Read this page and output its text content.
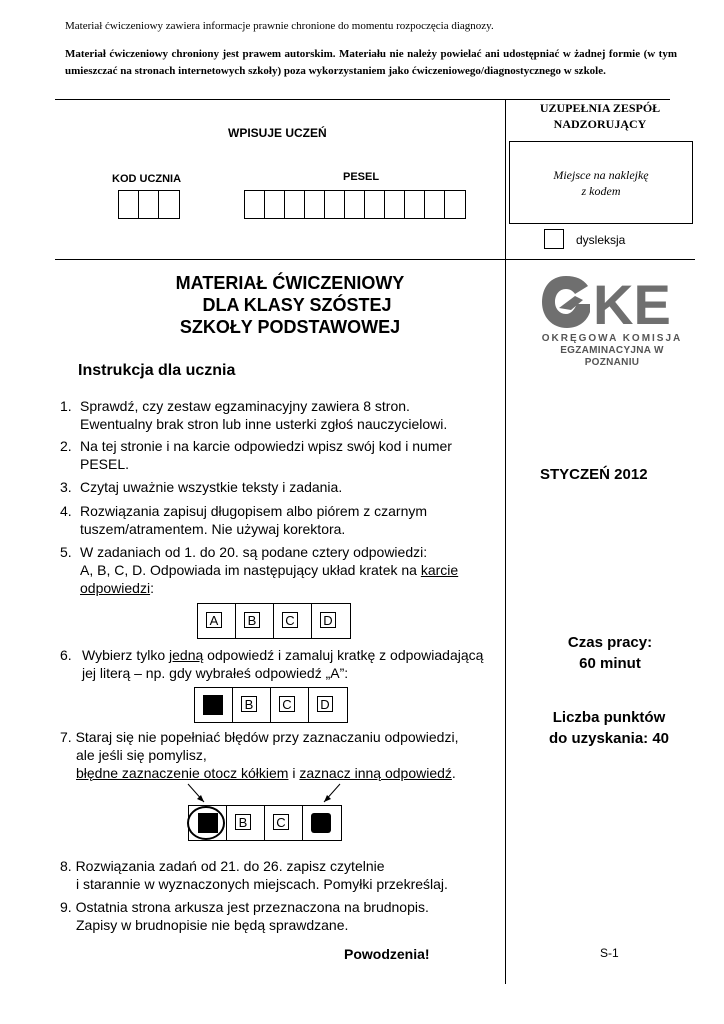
Materiał ćwiczeniowy zawiera informacje prawnie chronione do momentu rozpoczęcia diagnozy.
Materiał ćwiczeniowy chroniony jest prawem autorskim. Materiału nie należy powielać ani udostępniać w żadnej formie (w tym umieszczać na stronach internetowych szkoły) poza wykorzystaniem jako ćwiczeniowego/diagnostycznego w szkole.
WPISUJE UCZEŃ
KOD UCZNIA	PESEL
UZUPEŁNIA ZESPÓŁ
NADZORUJĄCY
Miejsce na naklejkę
z kodem
dysleksja
MATERIAŁ ĆWICZENIOWY
DLA KLASY SZÓSTEJ
SZKOŁY PODSTAWOWEJ	KE
OKRĘGOWA KOMISJA
EGZAMINACYJNA W POZNANIU
Instrukcja dla ucznia
1. Sprawdź, czy zestaw egzaminacyjny zawiera 8 stron.
Ewentualny brak stron lub inne usterki zgłoś nauczycielowi.
2. Na tej stronie i na karcie odpowiedzi wpisz swój kod i numer
PESEL.
3. Czytaj uważnie wszystkie teksty i zadania.
4. Rozwiązania zapisuj długopisem albo piórem z czarnym
tuszem/atramentem. Nie używaj korektora.
5. W zadaniach od 1. do 20. są podane cztery odpowiedzi:
A, B, C, D. Odpowiada im następujący układ kratek na karcie
odpowiedzi:
A B C D
6. Wybierz tylko jedną odpowiedź i zamaluj kratkę z odpowiadającą
jej literą – np. gdy wybrałeś odpowiedź „A”:
B C D
7. Staraj się nie popełniać błędów przy zaznaczaniu odpowiedzi,
ale jeśli się pomylisz,
błędne zaznaczenie otocz kółkiem i zaznacz inną odpowiedź.
B C
8. Rozwiązania zadań od 21. do 26. zapisz czytelnie
i starannie w wyznaczonych miejscach. Pomyłki przekreślaj.
9. Ostatnia strona arkusza jest przeznaczona na brudnopis.
Zapisy w brudnopisie nie będą sprawdzane.
STYCZEŃ 2012
Czas pracy:
60 minut
Liczba punktów
do uzyskania: 40
Powodzenia!	S-1
